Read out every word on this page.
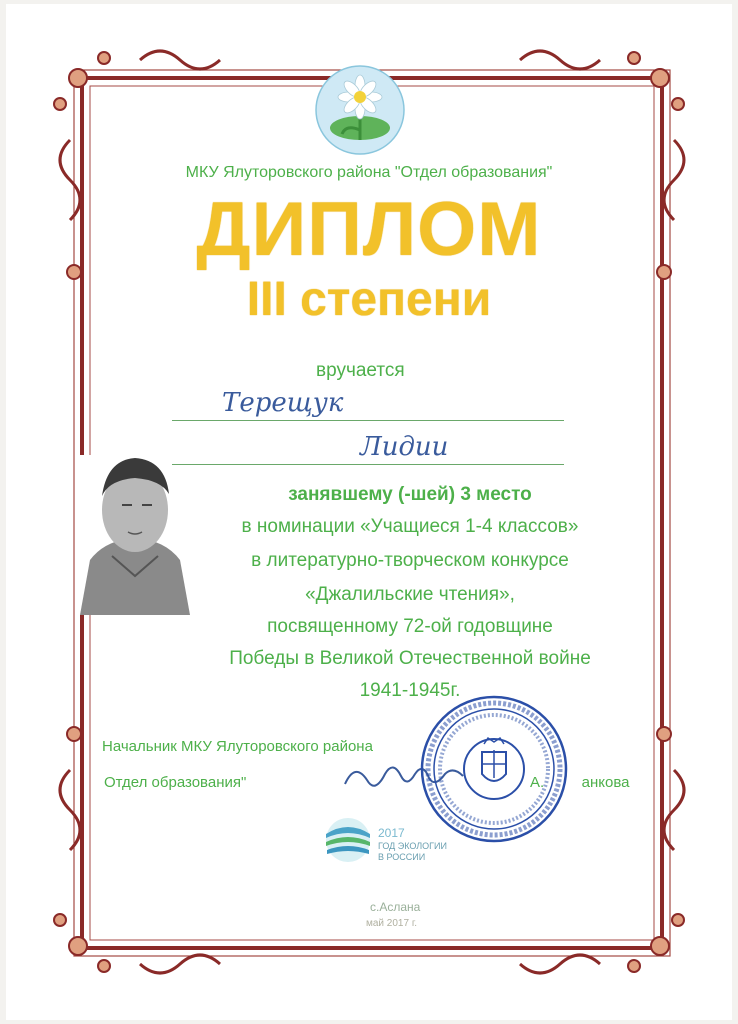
МКУ Ялуторовского района "Отдел образования"
ДИПЛОМ
III степени
вручается
Терещук
Лидии
занявшему (-шей) 3 место
в номинации «Учащиеся 1-4 классов»
в литературно-творческом конкурсе
«Джалильские чтения»,
посвященному 72-ой годовщине
Победы в Великой Отечественной войне
1941-1945г.
Начальник МКУ Ялуторовского района
Отдел образования"	А.         анкова
2017
ГОД ЭКОЛОГИИ
В РОССИИ
с.Аслана
май 2017 г.
